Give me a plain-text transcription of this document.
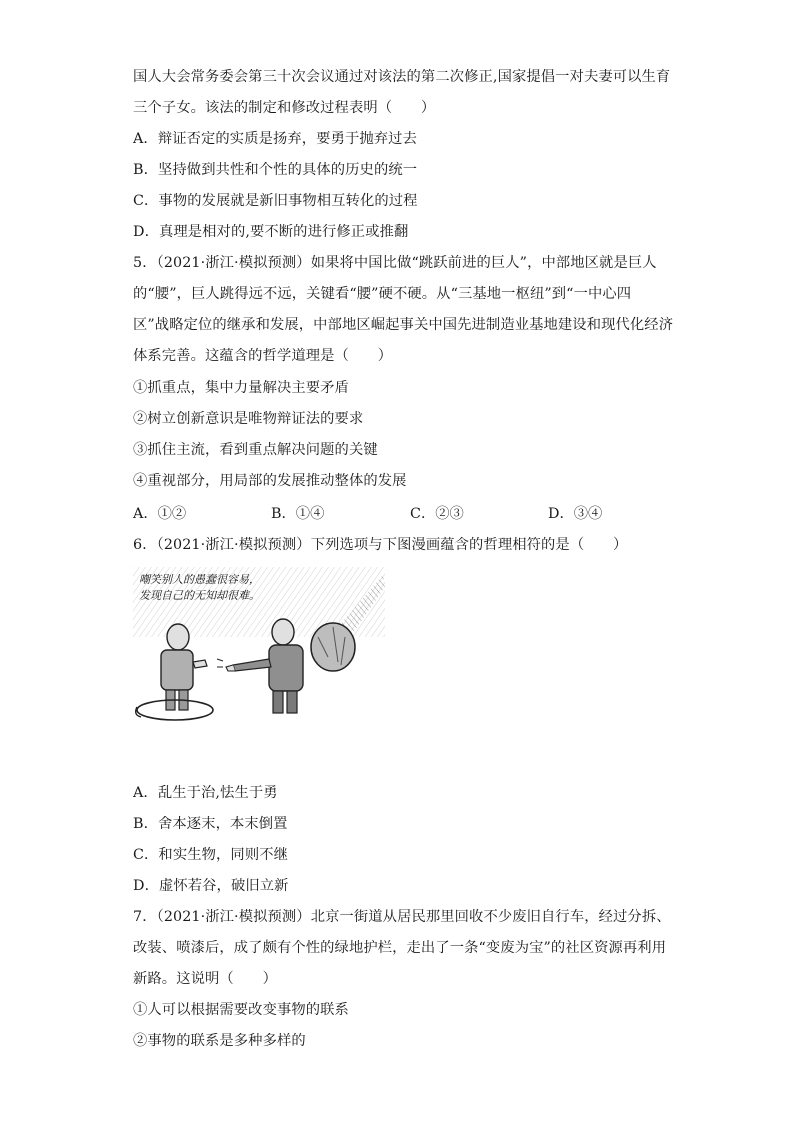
国人大会常务委会第三十次会议通过对该法的第二次修正,国家提倡一对夫妻可以生育
三个子女。该法的制定和修改过程表明（　　）
A．辩证否定的实质是扬弃，要勇于抛弃过去
B．坚持做到共性和个性的具体的历史的统一
C．事物的发展就是新旧事物相互转化的过程
D．真理是相对的,要不断的进行修正或推翻
5．（2021·浙江·模拟预测）如果将中国比做“跳跃前进的巨人”，中部地区就是巨人
的“腰”，巨人跳得远不远，关键看“腰”硬不硬。从“三基地一枢纽”到“一中心四
区”战略定位的继承和发展，中部地区崛起事关中国先进制造业基地建设和现代化经济
体系完善。这蕴含的哲学道理是（　　）
①抓重点，集中力量解决主要矛盾
②树立创新意识是唯物辩证法的要求
③抓住主流，看到重点解决问题的关键
④重视部分，用局部的发展推动整体的发展
A．①②	B．①④	C．②③	D．③④
6．（2021·浙江·模拟预测）下列选项与下图漫画蕴含的哲理相符的是（　　）
嘲笑别人的愚蠢很容易，
发现自己的无知却很难。
A．乱生于治,怯生于勇
B．舍本逐末，本末倒置
C．和实生物，同则不继
D．虚怀若谷，破旧立新
7．（2021·浙江·模拟预测）北京一街道从居民那里回收不少废旧自行车，经过分拆、
改装、喷漆后，成了颇有个性的绿地护栏，走出了一条“变废为宝”的社区资源再利用
新路。这说明（　　）
①人可以根据需要改变事物的联系
②事物的联系是多种多样的
